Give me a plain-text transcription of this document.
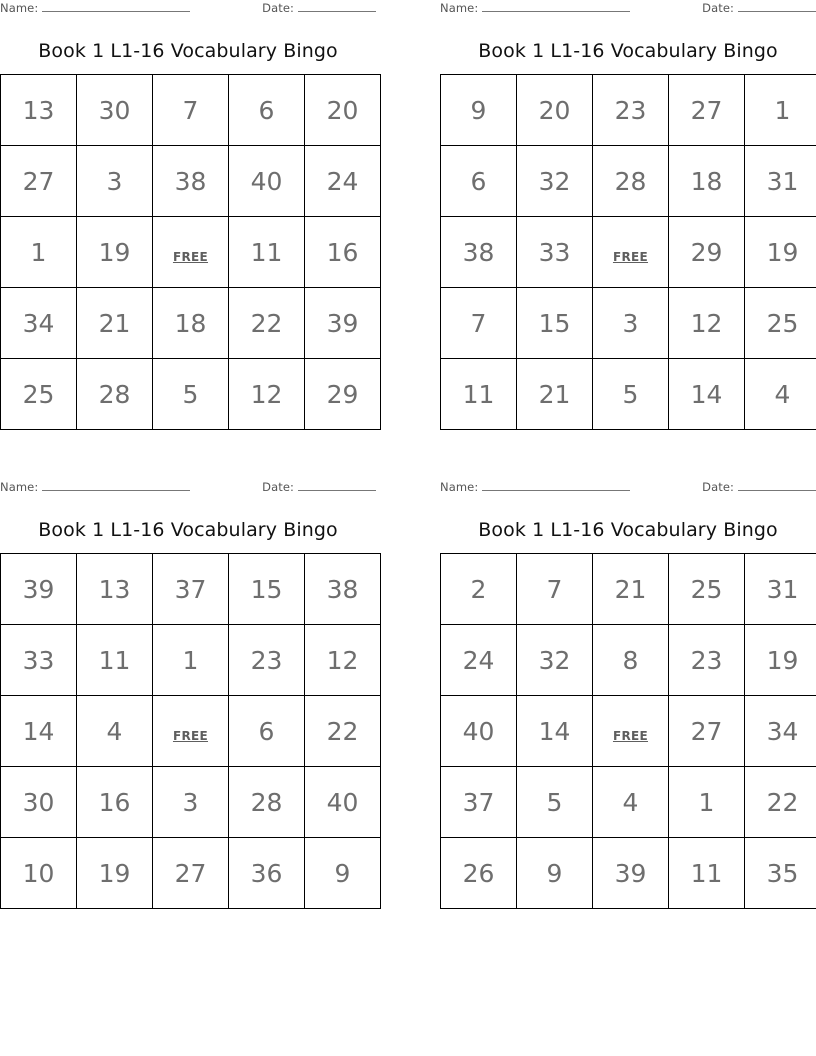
Name:	Date:
Book 1 L1-16 Vocabulary Bingo
13	30	7	6	20
27	3	38	40	24
1	19	FREE	11	16
34	21	18	22	39
25	28	5	12	29
Name:	Date:
Book 1 L1-16 Vocabulary Bingo
9	20	23	27	1
6	32	28	18	31
38	33	FREE	29	19
7	15	3	12	25
11	21	5	14	4
Name:	Date:
Book 1 L1-16 Vocabulary Bingo
39	13	37	15	38
33	11	1	23	12
14	4	FREE	6	22
30	16	3	28	40
10	19	27	36	9
Name:	Date:
Book 1 L1-16 Vocabulary Bingo
2	7	21	25	31
24	32	8	23	19
40	14	FREE	27	34
37	5	4	1	22
26	9	39	11	35
